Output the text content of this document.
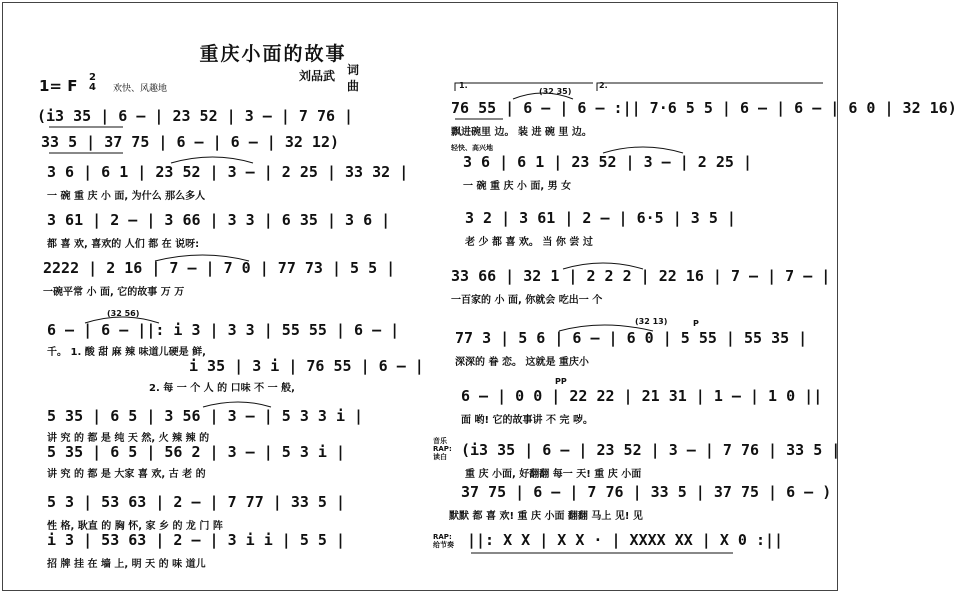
重庆小面的故事
刘品武 词
曲
1= F 2
4 欢快、风趣地
(i3 35 | 6 — | 23 52 | 3 — | 7 76 |
33 5 | 37 75 | 6 — | 6 — | 32 12)
3 6 | 6 1 | 23 52 | 3 — | 2 25 | 33 32 |
一 碗 重 庆 小 面, 为什么 那么多人
3 61 | 2 — | 3 66 | 3 3 | 6 35 | 3 6 |
都 喜 欢, 喜欢的 人们 都 在 说呀:
2222 | 2 16 | 7 — | 7 0 | 77 73 | 5 5 |
一碗平常 小 面, 它的故事 万 万
(32 56)
6 — | 6 — ||: i 3 | 3 3 | 55 55 | 6 — |
千。 1. 酸 甜 麻 辣 味道儿硬是 鲜,
i 35 | 3 i | 76 55 | 6 — |
2. 每 一 个 人 的 口味 不 一 般,
5 35 | 6 5 | 3 56 | 3 — | 5 3 3 i |
讲 究 的 都 是 纯 天 然, 火 辣 辣 的
5 35 | 6 5 | 56 2 | 3 — | 5 3 i |
讲 究 的 都 是 大家 喜 欢, 古 老 的
5 3 | 53 63 | 2 — | 7 77 | 33 5 |
性 格, 耿直 的 胸 怀, 家 乡 的 龙 门 阵
i 3 | 53 63 | 2 — | 3 i i | 5 5 |
招 牌 挂 在 墙 上, 明 天 的 味 道儿
1.	2.
(32 35)
76 55 | 6 — | 6 — :|| 7·6 5 5 | 6 — | 6 — | 6 0 | 32 16)
飘进碗里 边。 装 进 碗 里 边。
轻快、高兴地
3 6 | 6 1 | 23 52 | 3 — | 2 25 |
一 碗 重 庆 小 面, 男 女
3 2 | 3 61 | 2 — | 6·5 | 3 5 |
老 少 都 喜 欢。 当 你 尝 过
33 66 | 32 1 | 2 2 2 | 22 16 | 7 — | 7 — |
一百家的 小 面, 你就会 吃出一 个
(32 13)	P
77 3 | 5 6 | 6 — | 6 0 | 5 55 | 55 35 |
深深的 眷 恋。 这就是 重庆小
PP
6 — | 0 0 | 22 22 | 21 31 | 1 — | 1 0 ||
面 哟! 它的故事讲 不 完 哕。
音乐 RAP: 读白 (i3 35 | 6 — | 23 52 | 3 — | 7 76 | 33 5 |
重 庆 小面, 好翻翻 每一 天! 重 庆 小面
37 75 | 6 — | 7 76 | 33 5 | 37 75 | 6 — )
默默 都 喜 欢! 重 庆 小面 翻翻 马上 见! 见
RAP: 给节奏 ||: X X | X X · | XXXX XX | X 0 :||
